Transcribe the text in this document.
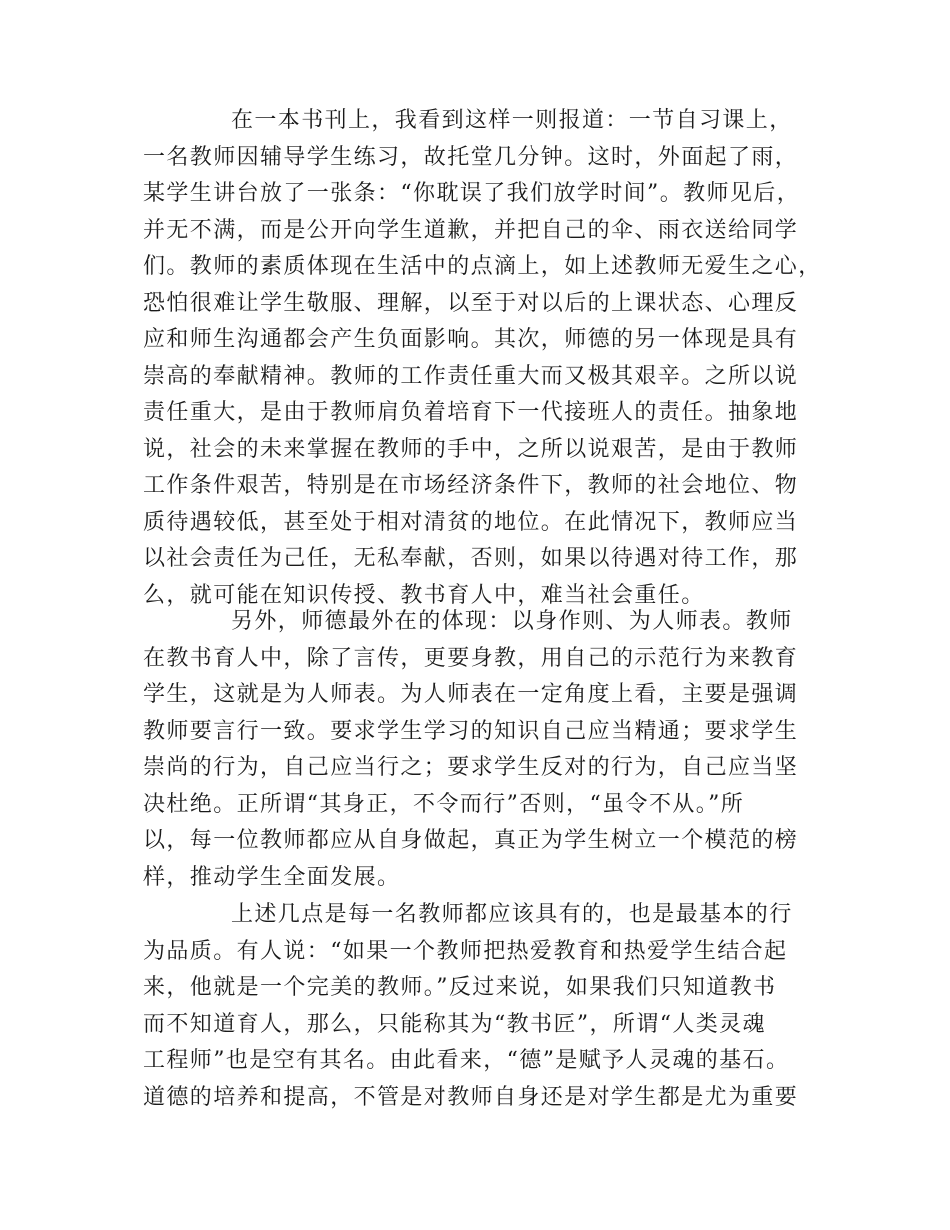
在一本书刊上，我看到这样一则报道：一节自习课上，
一名教师因辅导学生练习，故托堂几分钟。这时，外面起了雨，
某学生讲台放了一张条：“你耽误了我们放学时间”。教师见后，
并无不满，而是公开向学生道歉，并把自己的伞、雨衣送给同学
们。教师的素质体现在生活中的点滴上，如上述教师无爱生之心，
恐怕很难让学生敬服、理解，以至于对以后的上课状态、心理反
应和师生沟通都会产生负面影响。其次，师德的另一体现是具有
崇高的奉献精神。教师的工作责任重大而又极其艰辛。之所以说
责任重大，是由于教师肩负着培育下一代接班人的责任。抽象地
说，社会的未来掌握在教师的手中，之所以说艰苦，是由于教师
工作条件艰苦，特别是在市场经济条件下，教师的社会地位、物
质待遇较低，甚至处于相对清贫的地位。在此情况下，教师应当
以社会责任为己任，无私奉献，否则，如果以待遇对待工作，那
么，就可能在知识传授、教书育人中，难当社会重任。
另外，师德最外在的体现：以身作则、为人师表。教师
在教书育人中，除了言传，更要身教，用自己的示范行为来教育
学生，这就是为人师表。为人师表在一定角度上看，主要是强调
教师要言行一致。要求学生学习的知识自己应当精通；要求学生
崇尚的行为，自己应当行之；要求学生反对的行为，自己应当坚
决杜绝。正所谓“其身正，不令而行”否则，“虽令不从。”所
以，每一位教师都应从自身做起，真正为学生树立一个模范的榜
样，推动学生全面发展。
上述几点是每一名教师都应该具有的，也是最基本的行
为品质。有人说：“如果一个教师把热爱教育和热爱学生结合起
来，他就是一个完美的教师。”反过来说，如果我们只知道教书
而不知道育人，那么，只能称其为“教书匠”，所谓“人类灵魂
工程师”也是空有其名。由此看来，“德”是赋予人灵魂的基石。
道德的培养和提高，不管是对教师自身还是对学生都是尤为重要
